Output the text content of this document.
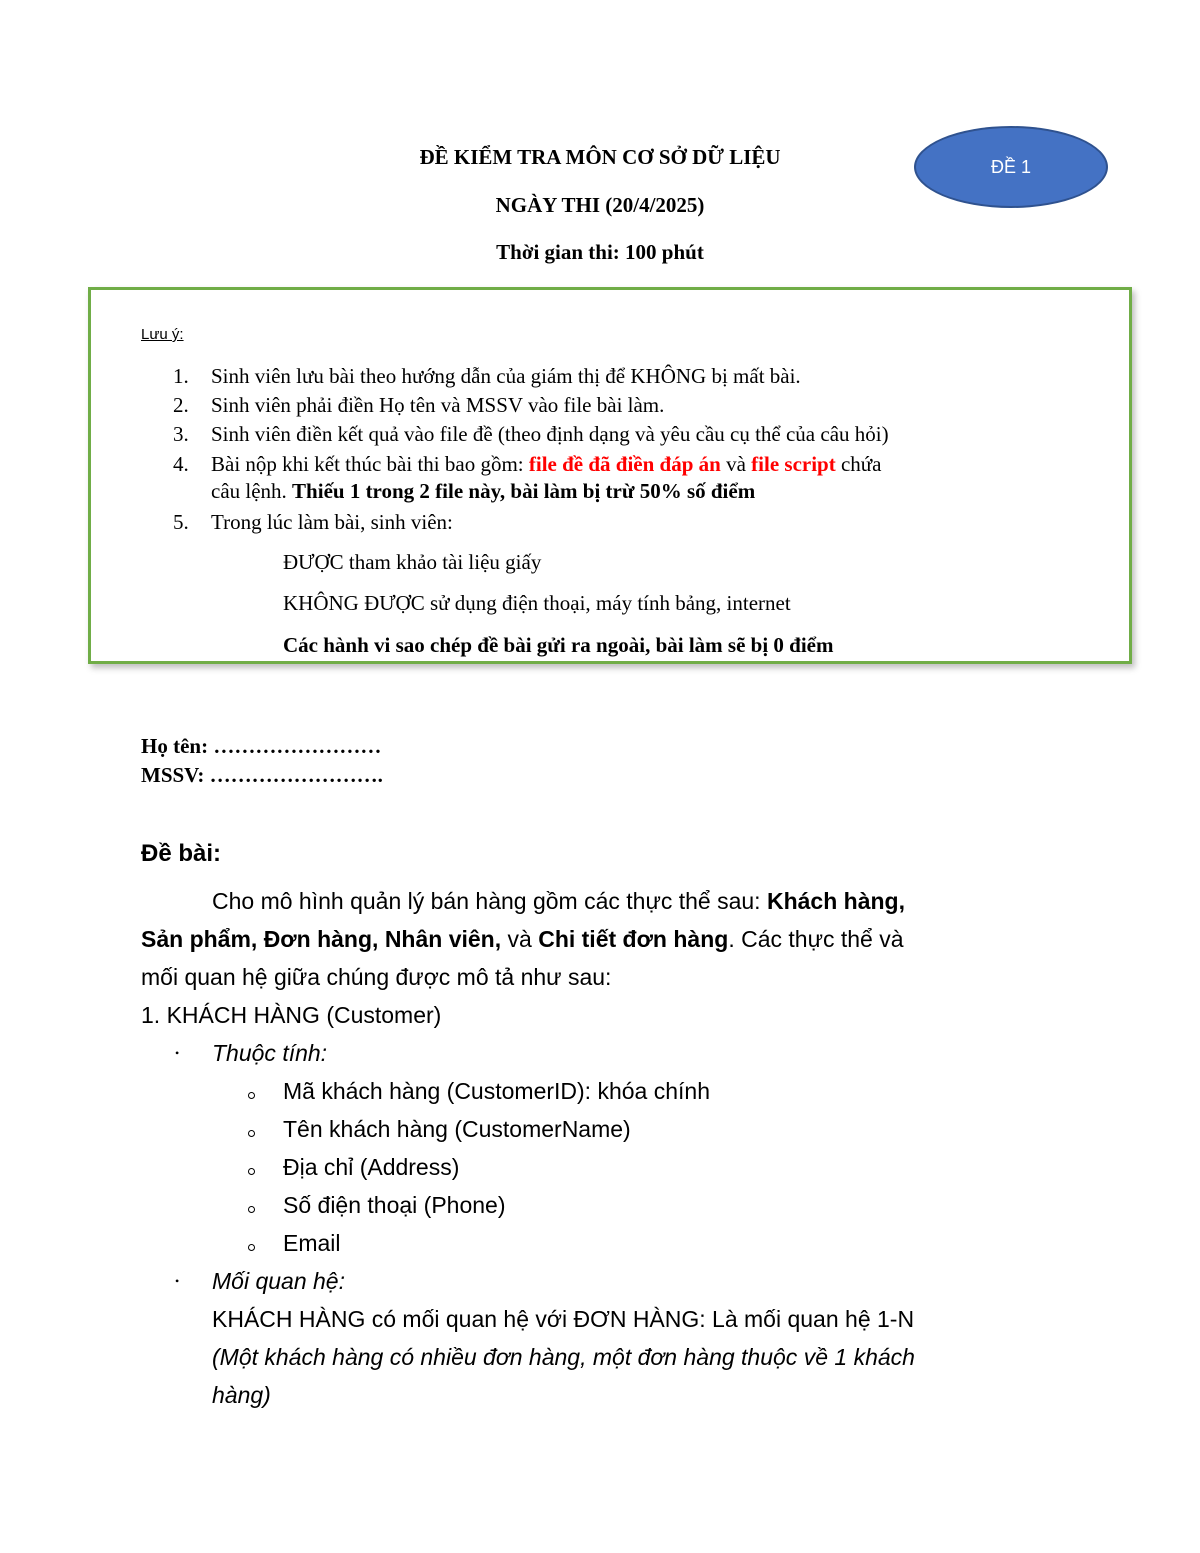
ĐỀ KIỂM TRA MÔN CƠ SỞ DỮ LIỆU
NGÀY THI (20/4/2025)
Thời gian thi: 100 phút
ĐỀ 1
Lưu ý:
1. Sinh viên lưu bài theo hướng dẫn của giám thị để KHÔNG bị mất bài.
2. Sinh viên phải điền Họ tên và MSSV vào file bài làm.
3. Sinh viên điền kết quả vào file đề (theo định dạng và yêu cầu cụ thể của câu hỏi)
4. Bài nộp khi kết thúc bài thi bao gồm: file đề đã điền đáp án và file script chứa
câu lệnh. Thiếu 1 trong 2 file này, bài làm bị trừ 50% số điểm
5. Trong lúc làm bài, sinh viên:
ĐƯỢC tham khảo tài liệu giấy
KHÔNG ĐƯỢC sử dụng điện thoại, máy tính bảng, internet
Các hành vi sao chép đề bài gửi ra ngoài, bài làm sẽ bị 0 điểm
Họ tên: ……………………
MSSV: …………………….
Đề bài:
Cho mô hình quản lý bán hàng gồm các thực thể sau: Khách hàng,
Sản phẩm, Đơn hàng, Nhân viên, và Chi tiết đơn hàng. Các thực thể và
mối quan hệ giữa chúng được mô tả như sau:
1. KHÁCH HÀNG (Customer)
• Thuộc tính:
Mã khách hàng (CustomerID): khóa chính
Tên khách hàng (CustomerName)
Địa chỉ (Address)
Số điện thoại (Phone)
Email
• Mối quan hệ:
KHÁCH HÀNG có mối quan hệ với ĐƠN HÀNG: Là mối quan hệ 1-N
(Một khách hàng có nhiều đơn hàng, một đơn hàng thuộc về 1 khách
hàng)
